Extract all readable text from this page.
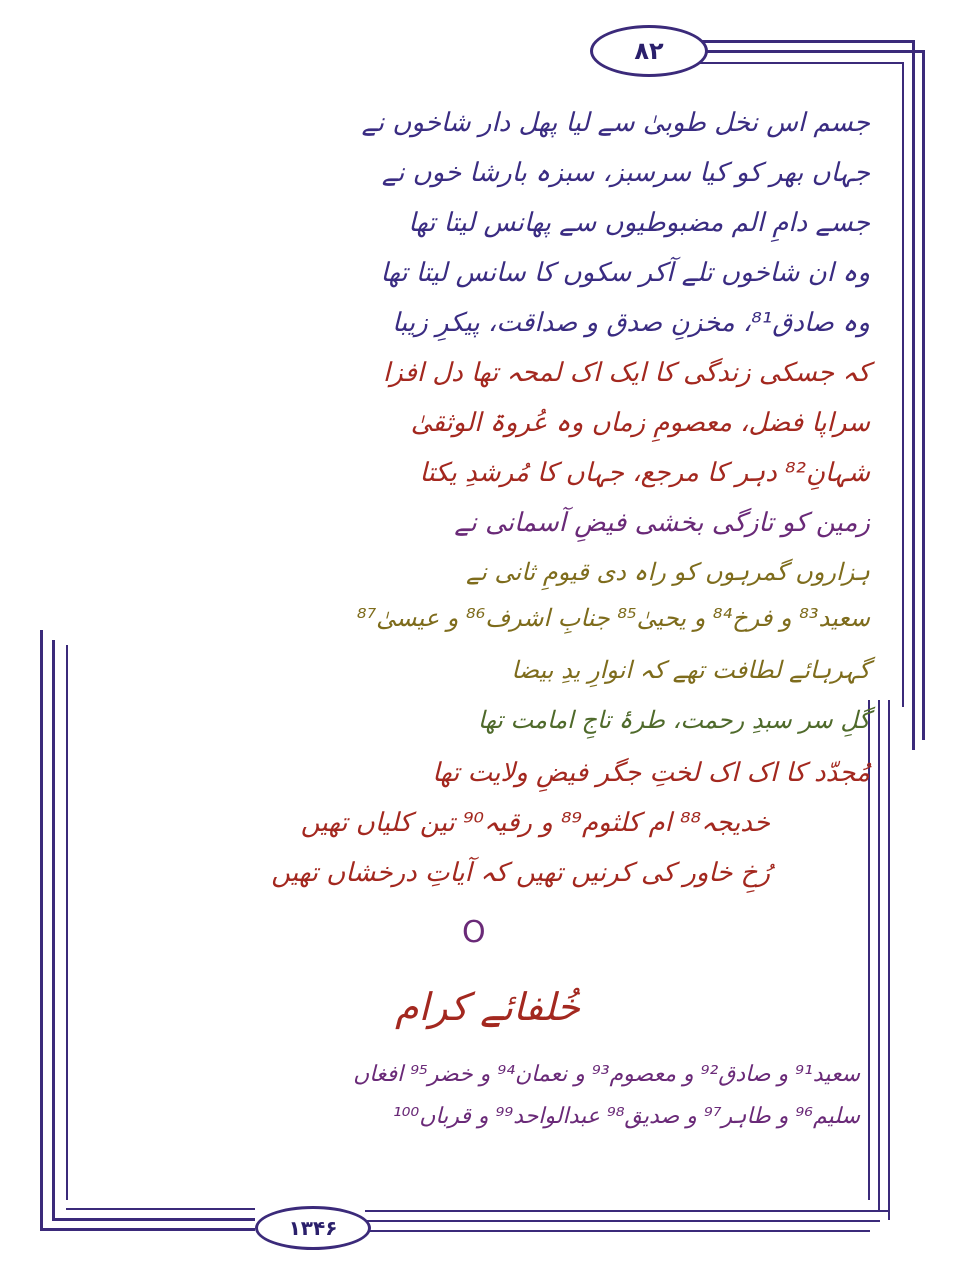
۸۲
۱۳۴۶
جسم اس نخل طوبیٰ سے لیا پھل دار شاخوں نے
جہاں بھر کو کیا سرسبز، سبزہ بارشا خوں نے
جسے دامِ الم مضبوطیوں سے پھانس لیتا تھا
وہ ان شاخوں تلے آکر سکوں کا سانس لیتا تھا
وہ صادق⁸¹، مخزنِ صدق و صداقت، پیکرِ زیبا
کہ جسکی زندگی کا ایک اک لمحہ تھا دل افزا
سراپا فضل، معصومِ زماں وہ عُروۃ الوثقیٰ
شہانِ⁸² دہر کا مرجع، جہاں کا مُرشدِ یکتا
زمین کو تازگی بخشی فیضِ آسمانی نے
ہزاروں گمرہوں کو راہ دی قیومِ ثانی نے
سعید⁸³ و فرخ⁸⁴ و یحییٰ⁸⁵ جنابِ اشرف⁸⁶ و عیسیٰ⁸⁷
گہرہائے لطافت تھے کہ انوارِ یدِ بیضا
گلِ سر سبدِ رحمت، طرۂ تاجِ امامت تھا
مُجدّد کا اک اک لختِ جگر فیضِ ولایت تھا
خدیجہ⁸⁸ ام کلثوم⁸⁹ و رقیہ⁹⁰ تین کلیاں تھیں
رُخِ خاور کی کرنیں تھیں کہ آیاتِ درخشاں تھیں
O
خُلفائے کرام
سعید⁹¹ و صادق⁹² و معصوم⁹³ و نعمان⁹⁴ و خضر⁹⁵ افغاں
سلیم⁹⁶ و طاہر⁹⁷ و صدیق⁹⁸ عبدالواحد⁹⁹ و قرباں¹⁰⁰
